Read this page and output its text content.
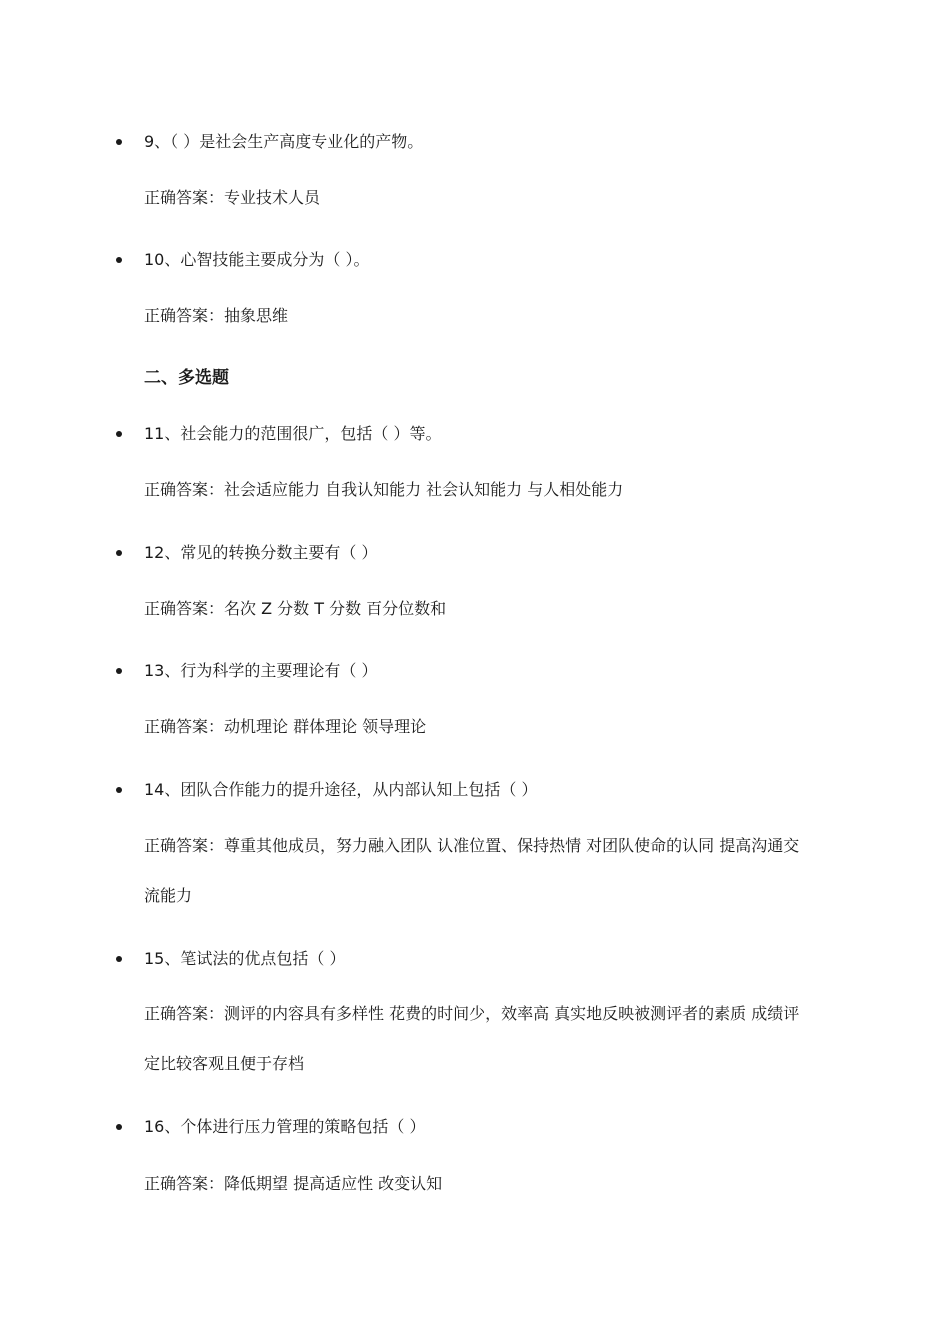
9、（ ）是社会生产高度专业化的产物。
正确答案：专业技术人员
10、心智技能主要成分为（ ）。
正确答案：抽象思维
二、多选题
11、社会能力的范围很广，包括（ ）等。
正确答案：社会适应能力 自我认知能力 社会认知能力 与人相处能力
12、常见的转换分数主要有（ ）
正确答案：名次 Z 分数 T 分数 百分位数和
13、行为科学的主要理论有（ ）
正确答案：动机理论 群体理论 领导理论
14、团队合作能力的提升途径，从内部认知上包括（ ）
正确答案：尊重其他成员，努力融入团队 认准位置、保持热情 对团队使命的认同 提高沟通交流能力
15、笔试法的优点包括（ ）
正确答案：测评的内容具有多样性 花费的时间少，效率高 真实地反映被测评者的素质 成绩评定比较客观且便于存档
16、个体进行压力管理的策略包括（ ）
正确答案：降低期望 提高适应性 改变认知
